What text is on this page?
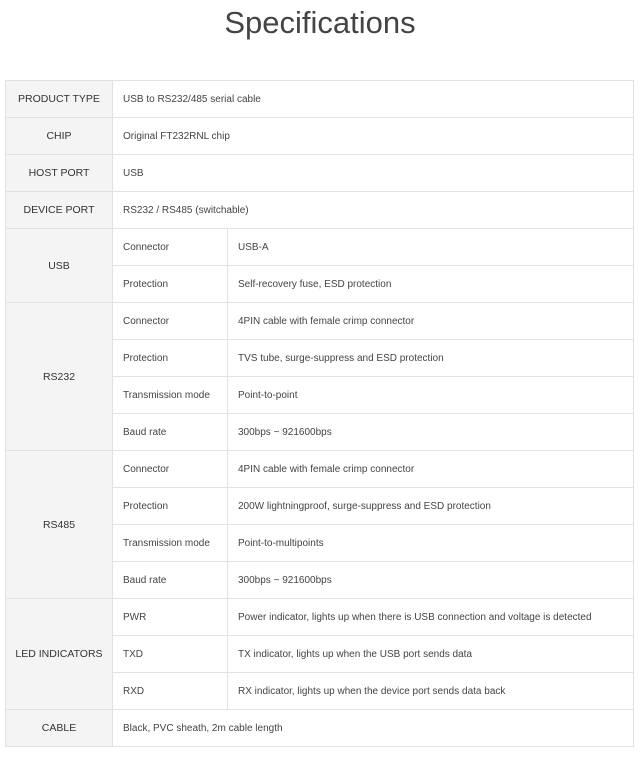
Specifications
PRODUCT TYPE	USB to RS232/485 serial cable	
CHIP	Original FT232RNL chip	
HOST PORT	USB	
DEVICE PORT	RS232 / RS485 (switchable)	
USB	Connector	USB-A
	Protection	Self-recovery fuse, ESD protection
RS232	Connector	4PIN cable with female crimp connector
	Protection	TVS tube, surge-suppress and ESD protection
	Transmission mode	Point-to-point
	Baud rate	300bps ~ 921600bps
RS485	Connector	4PIN cable with female crimp connector
	Protection	200W lightningproof, surge-suppress and ESD protection
	Transmission mode	Point-to-multipoints
	Baud rate	300bps ~ 921600bps
LED INDICATORS	PWR	Power indicator, lights up when there is USB connection and voltage is detected
	TXD	TX indicator, lights up when the USB port sends data
	RXD	RX indicator, lights up when the device port sends data back
CABLE	Black, PVC sheath, 2m cable length	
